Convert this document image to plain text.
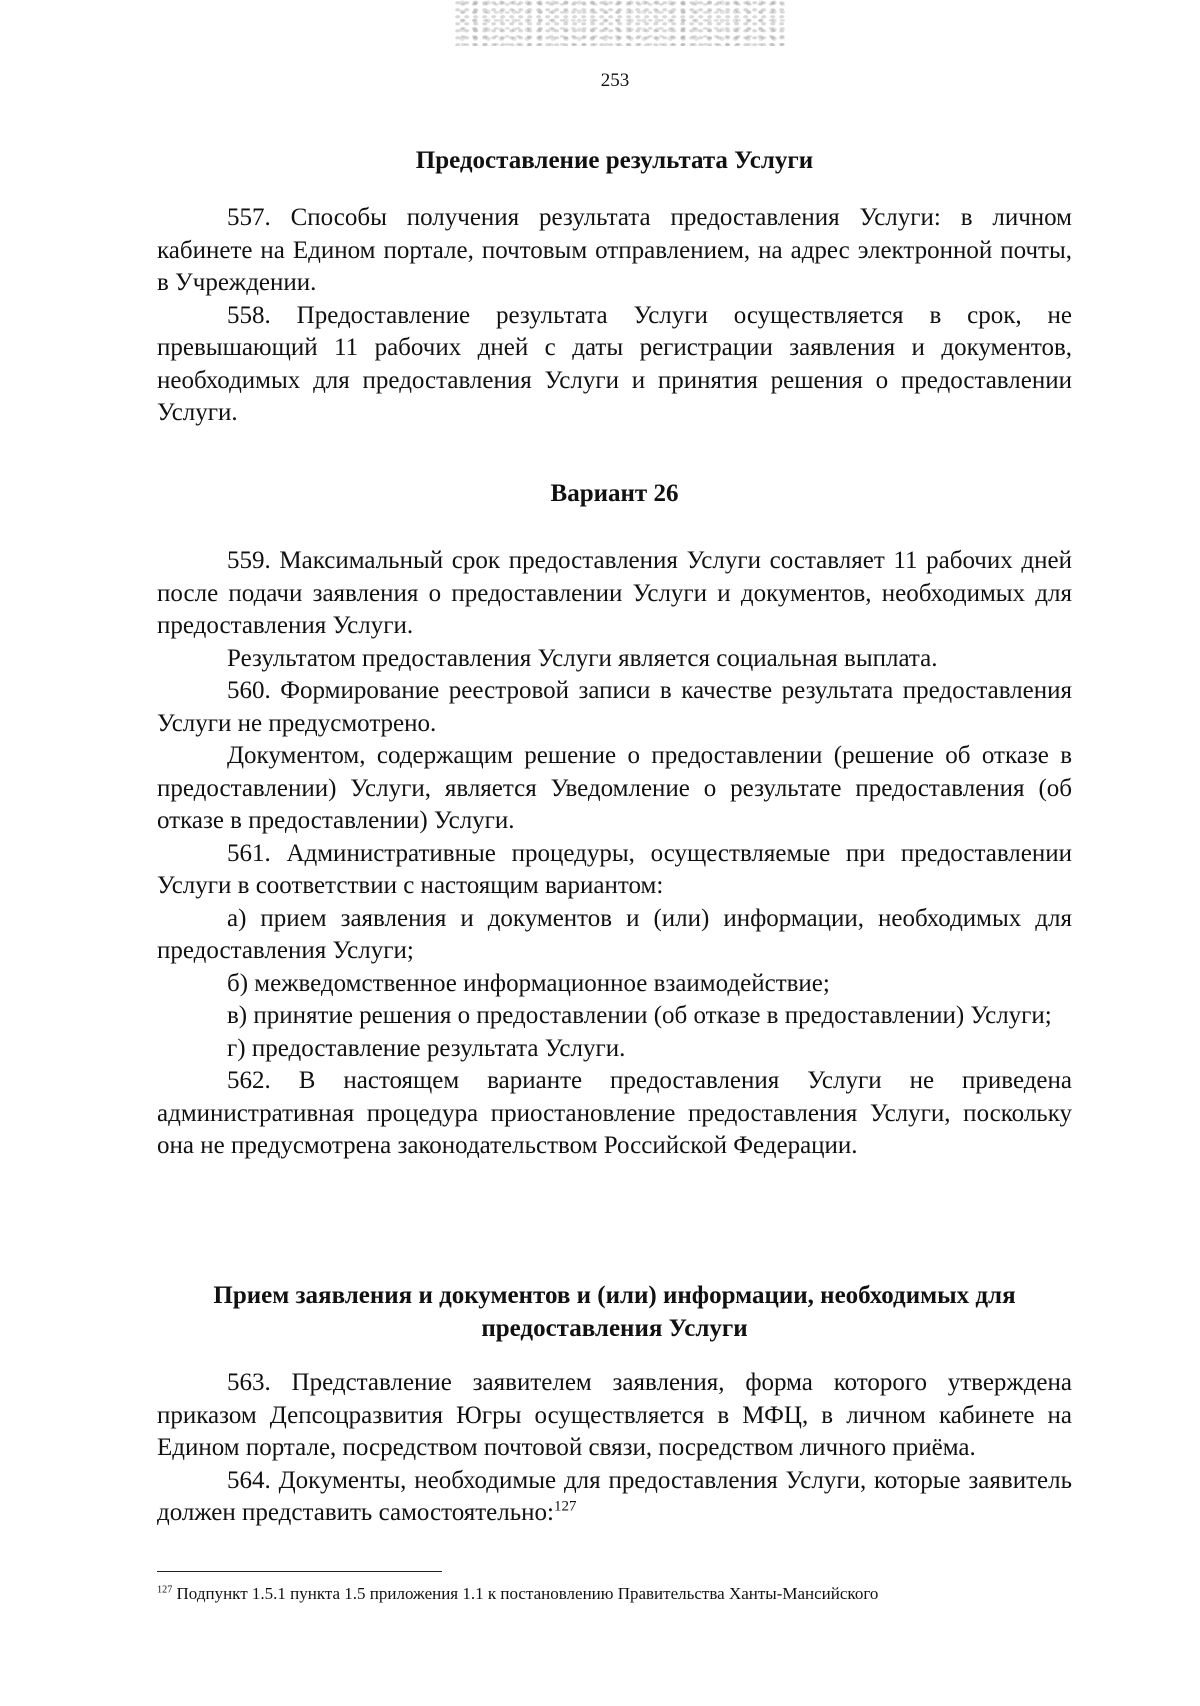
253

Предоставление результата Услуги

557. Способы получения результата предоставления Услуги: в личном кабинете на Едином портале, почтовым отправлением, на адрес электронной почты, в Учреждении.

558. Предоставление результата Услуги осуществляется в срок, не превышающий 11 рабочих дней с даты регистрации заявления и документов, необходимых для предоставления Услуги и принятия решения о предоставлении Услуги.

Вариант 26

559. Максимальный срок предоставления Услуги составляет 11 рабочих дней после подачи заявления о предоставлении Услуги и документов, необходимых для предоставления Услуги.

Результатом предоставления Услуги является социальная выплата.

560. Формирование реестровой записи в качестве результата предоставления Услуги не предусмотрено.

Документом, содержащим решение о предоставлении (решение об отказе в предоставлении) Услуги, является Уведомление о результате предоставления (об отказе в предоставлении) Услуги.

561. Административные процедуры, осуществляемые при предоставлении Услуги в соответствии с настоящим вариантом:

а) прием заявления и документов и (или) информации, необходимых для предоставления Услуги;

б) межведомственное информационное взаимодействие;

в) принятие решения о предоставлении (об отказе в предоставлении) Услуги;

г) предоставление результата Услуги.

562. В настоящем варианте предоставления Услуги не приведена административная процедура приостановление предоставления Услуги, поскольку она не предусмотрена законодательством Российской Федерации.

Прием заявления и документов и (или) информации, необходимых для предоставления Услуги

563. Представление заявителем заявления, форма которого утверждена приказом Депсоцразвития Югры осуществляется в МФЦ, в личном кабинете на Едином портале, посредством почтовой связи, посредством личного приёма.

564. Документы, необходимые для предоставления Услуги, которые заявитель должен представить самостоятельно:$^{127}$

$^{127}$ Подпункт 1.5.1 пункта 1.5 приложения 1.1 к постановлению Правительства Ханты-Мансийского
